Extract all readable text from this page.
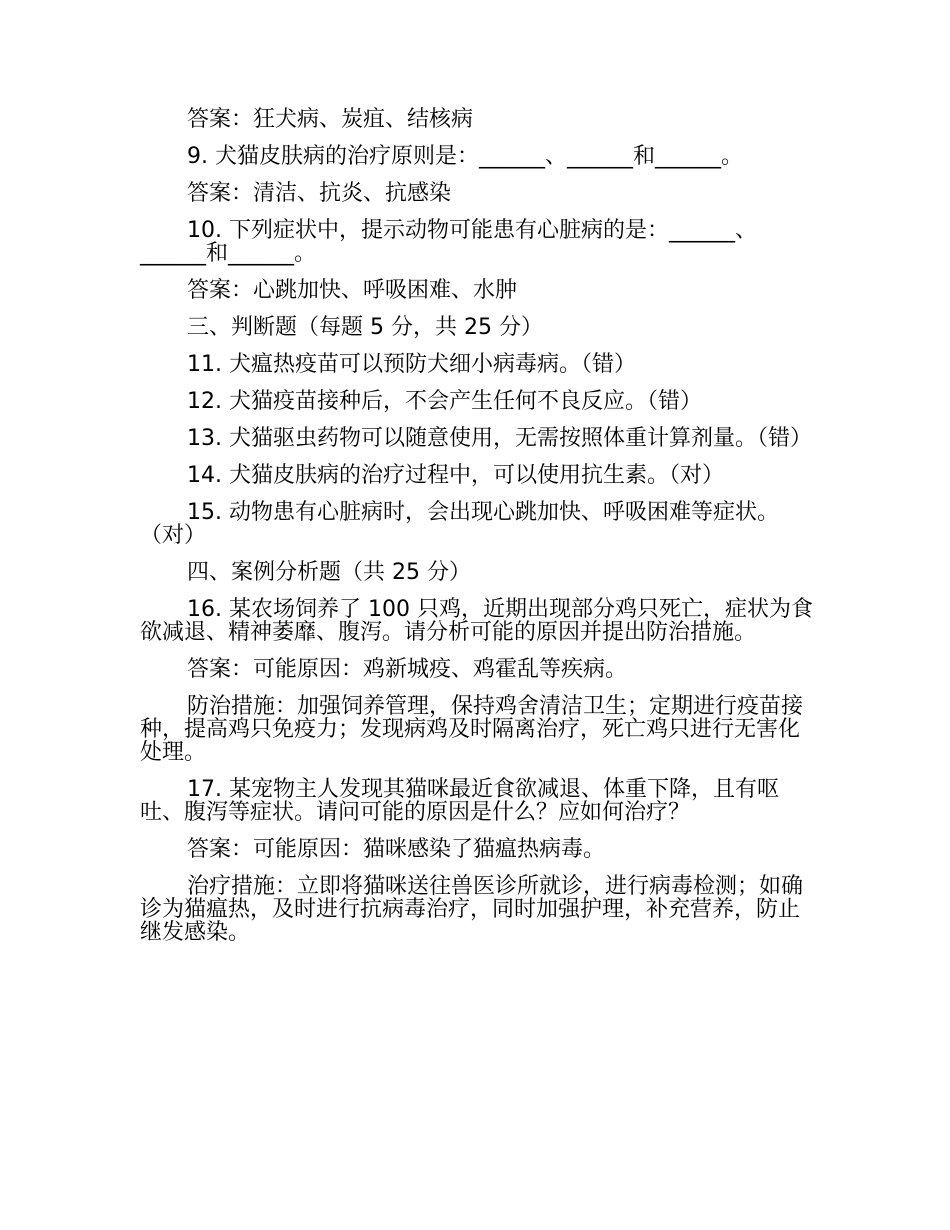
答案：狂犬病、炭疽、结核病

9. 犬猫皮肤病的治疗原则是：______、______和______。

答案：清洁、抗炎、抗感染

10. 下列症状中，提示动物可能患有心脏病的是：______、______和______。

答案：心跳加快、呼吸困难、水肿

三、判断题（每题 5 分，共 25 分）

11. 犬瘟热疫苗可以预防犬细小病毒病。（错）

12. 犬猫疫苗接种后，不会产生任何不良反应。（错）

13. 犬猫驱虫药物可以随意使用，无需按照体重计算剂量。（错）

14. 犬猫皮肤病的治疗过程中，可以使用抗生素。（对）

15. 动物患有心脏病时，会出现心跳加快、呼吸困难等症状。（对）

四、案例分析题（共 25 分）

16. 某农场饲养了 100 只鸡，近期出现部分鸡只死亡，症状为食欲减退、精神萎靡、腹泻。请分析可能的原因并提出防治措施。

答案：可能原因：鸡新城疫、鸡霍乱等疾病。

防治措施：加强饲养管理，保持鸡舍清洁卫生；定期进行疫苗接种，提高鸡只免疫力；发现病鸡及时隔离治疗，死亡鸡只进行无害化处理。

17. 某宠物主人发现其猫咪最近食欲减退、体重下降，且有呕吐、腹泻等症状。请问可能的原因是什么？应如何治疗？

答案：可能原因：猫咪感染了猫瘟热病毒。

治疗措施：立即将猫咪送往兽医诊所就诊，进行病毒检测；如确诊为猫瘟热，及时进行抗病毒治疗，同时加强护理，补充营养，防止继发感染。
